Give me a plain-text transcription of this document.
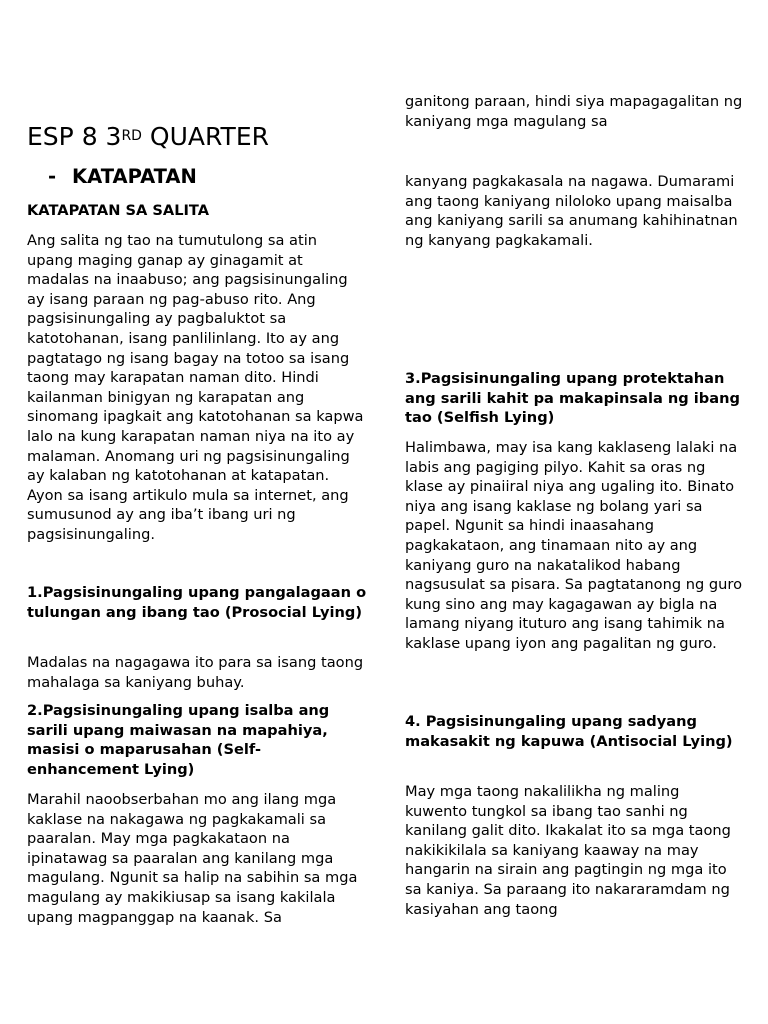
ESP 8 3RD QUARTER
- KATAPATAN

KATAPATAN SA SALITA

Ang salita ng tao na tumutulong sa atin upang maging ganap ay ginagamit at madalas na inaabuso; ang pagsisinungaling ay isang paraan ng pag-abuso rito. Ang pagsisinungaling ay pagbaluktot sa katotohanan, isang panlilinlang. Ito ay ang pagtatago ng isang bagay na totoo sa isang taong may karapatan naman dito. Hindi kailanman binigyan ng karapatan ang sinomang ipagkait ang katotohanan sa kapwa lalo na kung karapatan naman niya na ito ay malaman. Anomang uri ng pagsisinungaling ay kalaban ng katotohanan at katapatan. Ayon sa isang artikulo mula sa internet, ang sumusunod ay ang iba’t ibang uri ng pagsisinungaling.

1.Pagsisinungaling upang pangalagaan o tulungan ang ibang tao (Prosocial Lying)

Madalas na nagagawa ito para sa isang taong mahalaga sa kaniyang buhay.

2.Pagsisinungaling upang isalba ang sarili upang maiwasan na mapahiya, masisi o maparusahan (Self-enhancement Lying)

Marahil naoobserbahan mo ang ilang mga kaklase na nakagawa ng pagkakamali sa paaralan. May mga pagkakataon na ipinatawag sa paaralan ang kanilang mga magulang. Ngunit sa halip na sabihin sa mga magulang ay makikiusap sa isang kakilala upang magpanggap na kaanak. Sa

ganitong paraan, hindi siya mapagagalitan ng kaniyang mga magulang sa

kanyang pagkakasala na nagawa. Dumarami ang taong kaniyang niloloko upang maisalba ang kaniyang sarili sa anumang kahihinatnan ng kanyang pagkakamali.

3.Pagsisinungaling upang protektahan ang sarili kahit pa makapinsala ng ibang tao (Selfish Lying)

Halimbawa, may isa kang kaklaseng lalaki na labis ang pagiging pilyo. Kahit sa oras ng klase ay pinaiiral niya ang ugaling ito. Binato niya ang isang kaklase ng bolang yari sa papel. Ngunit sa hindi inaasahang pagkakataon, ang tinamaan nito ay ang kaniyang guro na nakatalikod habang nagsusulat sa pisara. Sa pagtatanong ng guro kung sino ang may kagagawan ay bigla na lamang niyang ituturo ang isang tahimik na kaklase upang iyon ang pagalitan ng guro.

4. Pagsisinungaling upang sadyang makasakit ng kapuwa (Antisocial Lying)

May mga taong nakalilikha ng maling kuwento tungkol sa ibang tao sanhi ng kanilang galit dito. Ikakalat ito sa mga taong nakikikilala sa kaniyang kaaway na may hangarin na sirain ang pagtingin ng mga ito sa kaniya. Sa paraang ito nakararamdam ng kasiyahan ang taong
